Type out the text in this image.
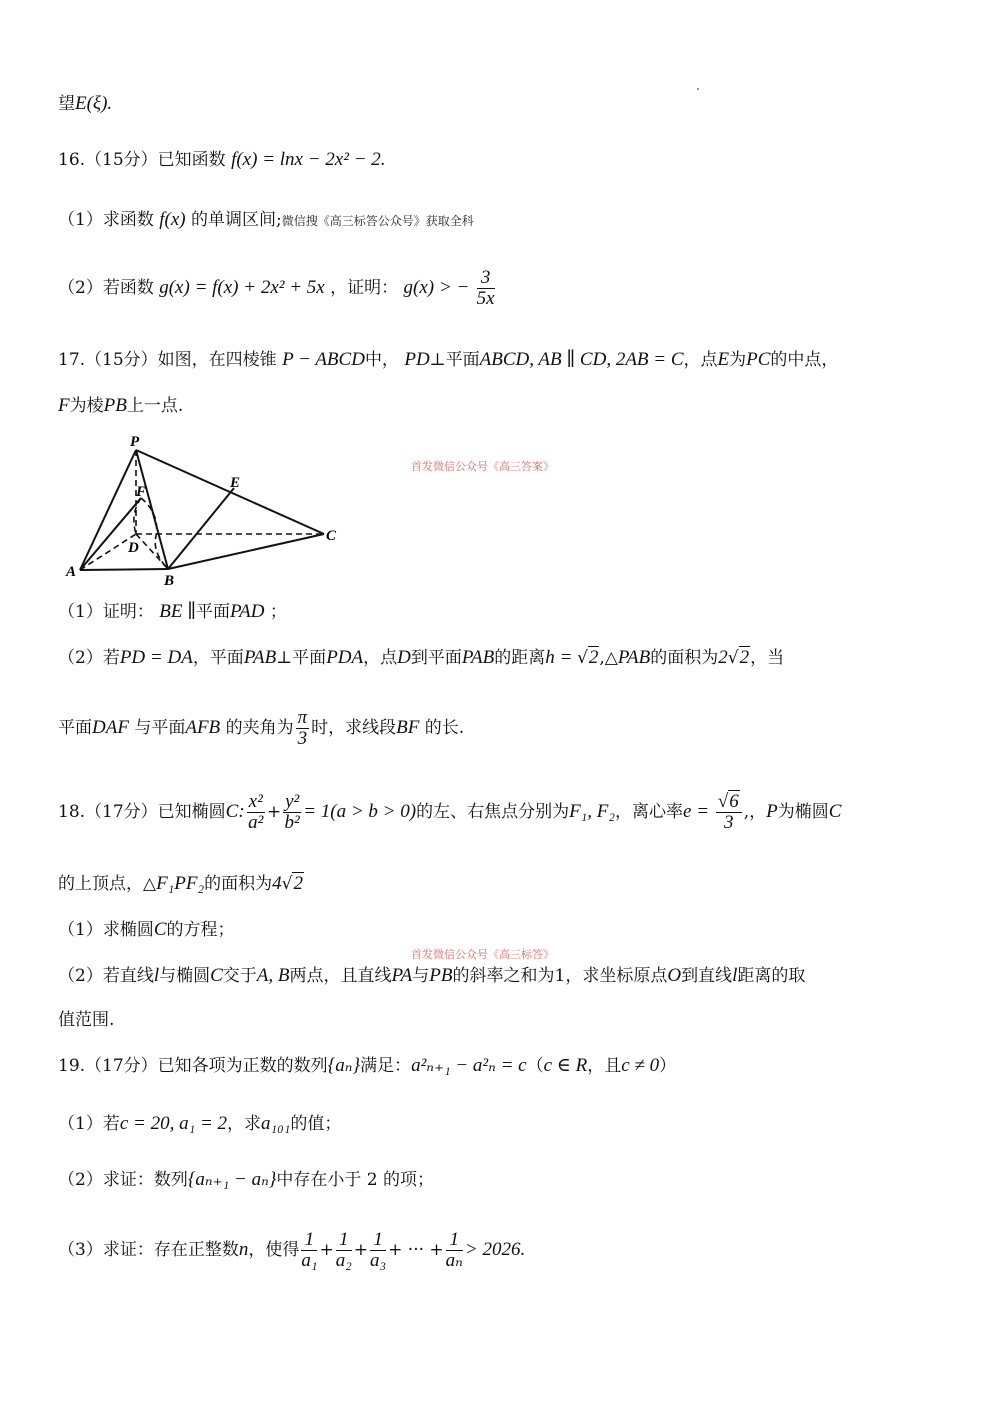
望E(ξ).
16.（15分）已知函数 f(x) = lnx − 2x² − 2.
（1）求函数 f(x) 的单调区间;微信搜《高三标答公众号》获取全科
（2）若函数 g(x) = f(x) + 2x² + 5x ，证明： g(x) > − $\frac{3}{5x}$
17.（15分）如图，在四棱锥 P − ABCD中， PD⊥平面ABCD, AB ∥ CD, 2AB = C，点E为PC的中点，
F为棱PB上一点.
P
F
E
D
C
A
B
首发微信公众号《高三答案》
（1）证明： BE ∥平面PAD ；
（2）若PD = DA，平面PAB⊥平面PDA，点D到平面PAB的距离h = √2,△PAB的面积为2√2，当
平面DAF 与平面AFB 的夹角为 $\frac{\pi}{3}$ 时，求线段BF 的长.
18.（17分）已知椭圆C: $\frac{\text{x²}}{\text{a²}} + \frac{\text{y²}}{\text{b²}} = 1(a > b > 0)$的左、右焦点分别为F₁, F₂，离心率$e = \frac{√6}{3}$ ,，P为椭圆C
的上顶点，△F₁PF₂的面积为4√2
（1）求椭圆C的方程；
首发微信公众号《高三标答》
（2）若直线l与椭圆C交于A, B两点，且直线PA与PB的斜率之和为1，求坐标原点O到直线l距离的取
值范围.
19.（17分）已知各项为正数的数列{aₙ}满足：a²ₙ₊₁ − a²ₙ = c（c ∈ R，且c ≠ 0）
（1）若c = 20, a₁ = 2，求a₁₀₁的值；
（2）求证：数列{aₙ₊₁ − aₙ}中存在小于 2 的项；
（3）求证：存在正整数n，使得 $\frac{1}{\text{a₁}} + \frac{1}{\text{a₂}} + \frac{1}{\text{a₃}}$ + ··· + $\frac{1}{\text{aₙ}} > 2026$.
